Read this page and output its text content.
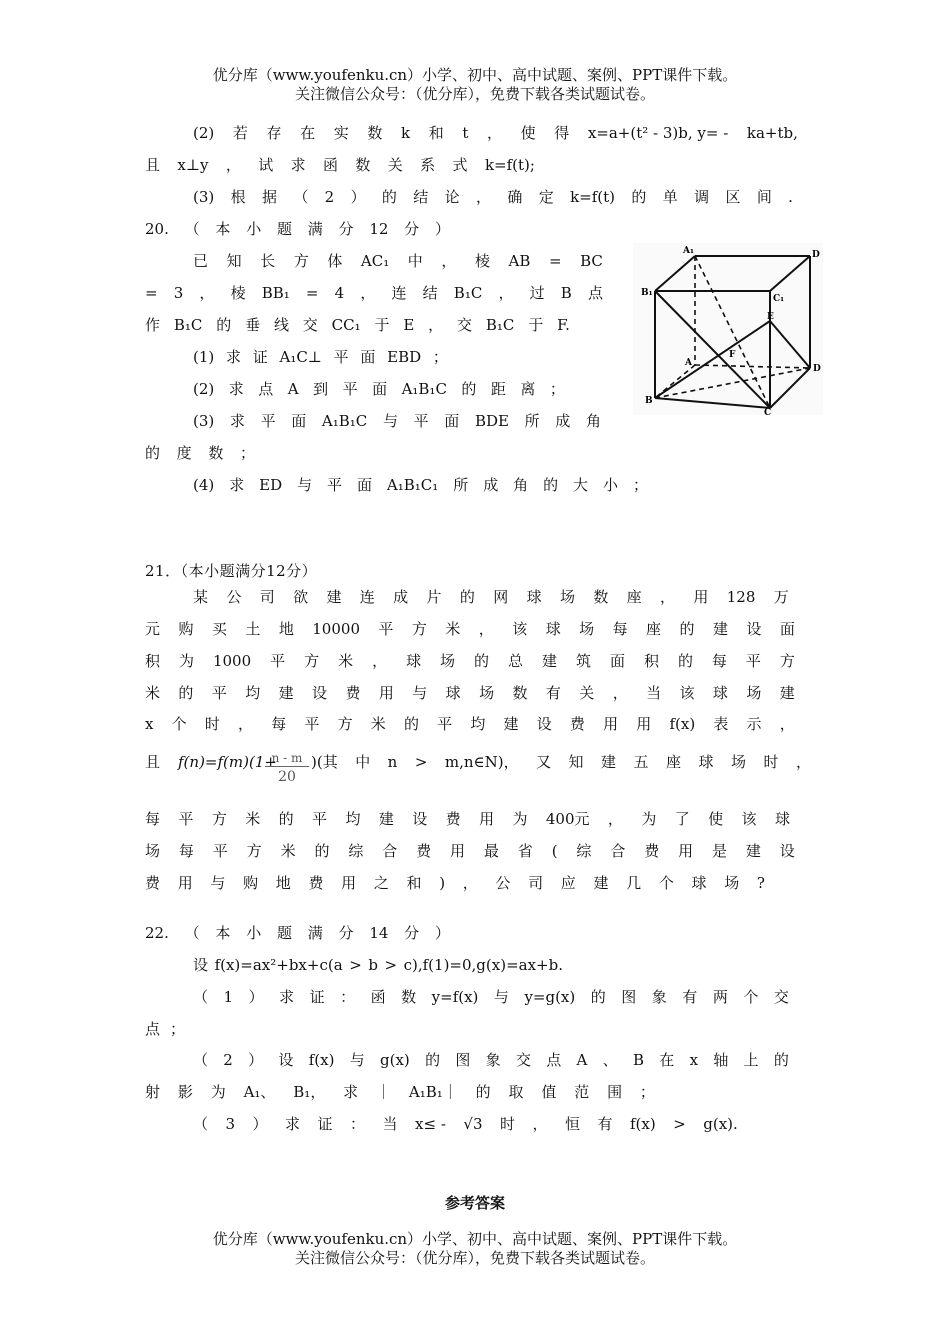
优分库（www.youfenku.cn）小学、初中、高中试题、案例、PPT课件下载。
关注微信公众号：（优分库），免费下载各类试题试卷。
(2) 若 存 在 实 数 k 和 t ， 使 得 x=a+(t² - 3)b, y= - ka+tb,
且 x⊥y ， 试 求 函 数 关 系 式 k=f(t);
(3) 根 据 （ 2 ） 的 结 论 ， 确 定 k=f(t) 的 单 调 区 间 .
20. （ 本 小 题 满 分 12 分 ）
已 知 长 方 体 AC₁ 中 ， 棱 AB = BC
= 3 ， 棱 BB₁ = 4 ， 连 结 B₁C ， 过 B 点
作 B₁C 的 垂 线 交 CC₁ 于 E ， 交 B₁C 于 F.
(1) 求 证 A₁C⊥ 平 面 EBD ；
(2) 求 点 A 到 平 面 A₁B₁C 的 距 离 ；
(3) 求 平 面 A₁B₁C 与 平 面 BDE 所 成 角
的 度 数 ；
(4) 求 ED 与 平 面 A₁B₁C₁ 所 成 角 的 大 小 ；
A₁	D
B₁
C₁
E
F
A
D
B
C
21．（本小题满分12分）
某 公 司 欲 建 连 成 片 的 网 球 场 数 座 ， 用 128 万
元 购 买 土 地 10000 平 方 米 ， 该 球 场 每 座 的 建 设 面
积 为 1000 平 方 米 ， 球 场 的 总 建 筑 面 积 的 每 平 方
米 的 平 均 建 设 费 用 与 球 场 数 有 关 ， 当 该 球 场 建
x 个 时 ， 每 平 方 米 的 平 均 建 设 费 用 用 f(x) 表 示 ，
且	f(n)=f(m)(1+
$\frac{n - m}{20}$ )(其 中 n > m,n∈N)， 又 知 建 五 座 球 场 时 ，
每 平 方 米 的 平 均 建 设 费 用 为 400元 ， 为 了 使 该 球
场 每 平 方 米 的 综 合 费 用 最 省 ( 综 合 费 用 是 建 设
费 用 与 购 地 费 用 之 和 ) ， 公 司 应 建 几 个 球 场 ?
22. （ 本 小 题 满 分 14 分 ）
设 f(x)=ax²+bx+c(a > b > c),f(1)=0,g(x)=ax+b.
（ 1 ） 求 证 ： 函 数 y=f(x) 与 y=g(x) 的 图 象 有 两 个 交
点 ；
（ 2 ） 设 f(x) 与 g(x) 的 图 象 交 点 A 、 B 在 x 轴 上 的
射 影 为 A₁、 B₁， 求 ｜ A₁B₁｜ 的 取 值 范 围 ；
（ 3 ） 求 证 ： 当 x≤ - √3 时 ， 恒 有 f(x) > g(x).
参考答案
优分库（www.youfenku.cn）小学、初中、高中试题、案例、PPT课件下载。
关注微信公众号：（优分库），免费下载各类试题试卷。
